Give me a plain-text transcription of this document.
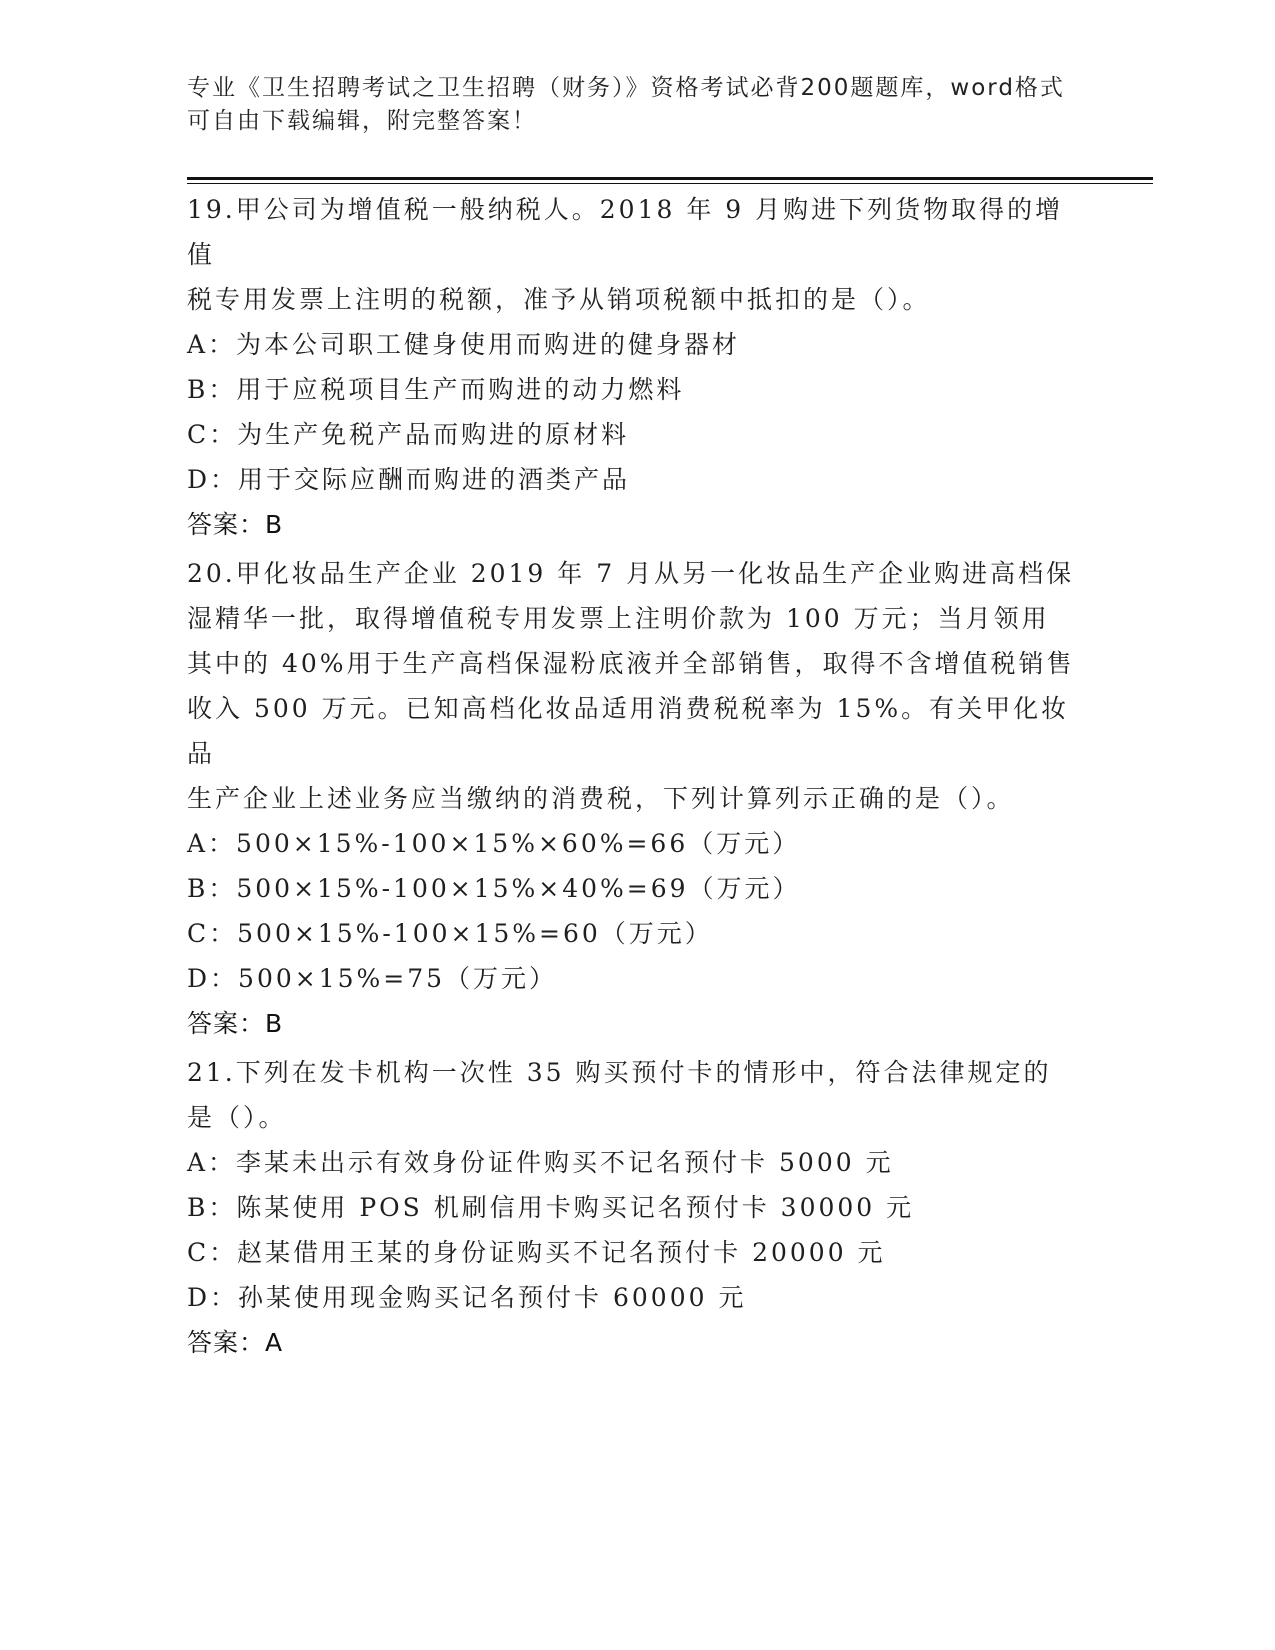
专业《卫生招聘考试之卫生招聘（财务）》资格考试必背200题题库，word格式
可自由下载编辑，附完整答案！
19.甲公司为增值税一般纳税人。2018 年 9 月购进下列货物取得的增值
税专用发票上注明的税额，准予从销项税额中抵扣的是（）。
A：为本公司职工健身使用而购进的健身器材
B：用于应税项目生产而购进的动力燃料
C：为生产免税产品而购进的原材料
D：用于交际应酬而购进的酒类产品
答案：B
20.甲化妆品生产企业 2019 年 7 月从另一化妆品生产企业购进高档保
湿精华一批，取得增值税专用发票上注明价款为 100 万元；当月领用
其中的 40%用于生产高档保湿粉底液并全部销售，取得不含增值税销售
收入 500 万元。已知高档化妆品适用消费税税率为 15%。有关甲化妆品
生产企业上述业务应当缴纳的消费税，下列计算列示正确的是（）。
A：500×15%-100×15%×60%=66（万元）
B：500×15%-100×15%×40%=69（万元）
C：500×15%-100×15%=60（万元）
D：500×15%=75（万元）
答案：B
21.下列在发卡机构一次性 35 购买预付卡的情形中，符合法律规定的
是（）。
A：李某未出示有效身份证件购买不记名预付卡 5000 元
B：陈某使用 POS 机刷信用卡购买记名预付卡 30000 元
C：赵某借用王某的身份证购买不记名预付卡 20000 元
D：孙某使用现金购买记名预付卡 60000 元
答案：A
